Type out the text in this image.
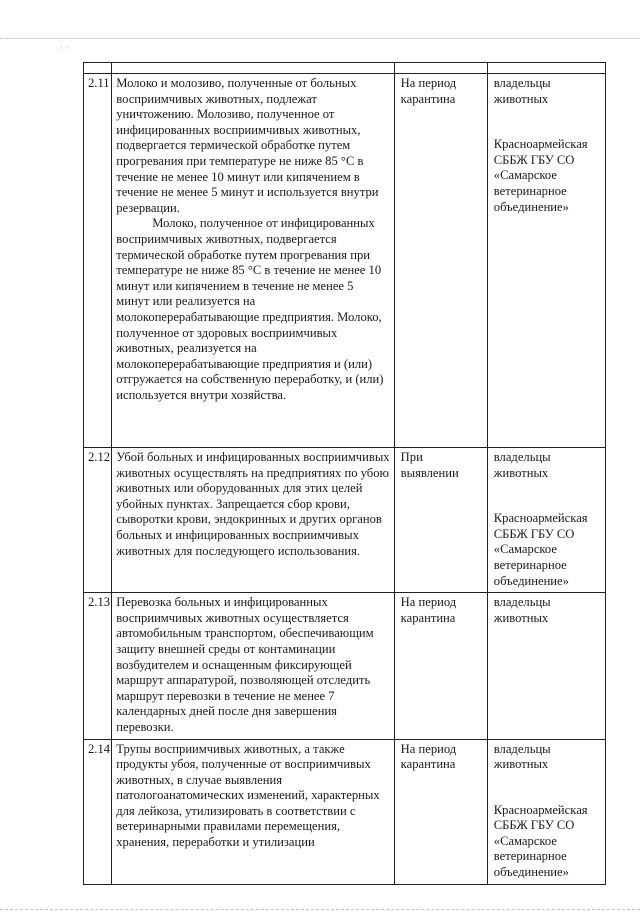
· ·

2.11	Молоко и молозиво, полученные от больных восприимчивых животных, подлежат уничтожению. Молозиво, полученное от инфицированных восприимчивых животных, подвергается термической обработке путем прогревания при температуре не ниже 85 °С в течение не менее 10 минут или кипячением в течение не менее 5 минут и используется внутри резервации.
Молоко, полученное от инфицированных восприимчивых животных, подвергается термической обработке путем прогревания при температуре не ниже 85 °С в течение не менее 10 минут или кипячением в течение не менее 5 минут или реализуется на молокоперерабатывающие предприятия. Молоко, полученное от здоровых восприимчивых животных, реализуется на молокоперерабатывающие предприятия и (или) отгружается на собственную переработку, и (или) используется внутри хозяйства.	На период карантина	владельцы животных
Красноармейская СББЖ ГБУ СО «Самарское ветеринарное объединение»

2.12	Убой больных и инфицированных восприимчивых животных осуществлять на предприятиях по убою животных или оборудованных для этих целей убойных пунктах. Запрещается сбор крови, сыворотки крови, эндокринных и других органов больных и инфицированных восприимчивых животных для последующего использования.	При выявлении	владельцы животных
Красноармейская СББЖ ГБУ СО «Самарское ветеринарное объединение»

2.13	Перевозка больных и инфицированных восприимчивых животных осуществляется автомобильным транспортом, обеспечивающим защиту внешней среды от контаминации возбудителем и оснащенным фиксирующей маршрут аппаратурой, позволяющей отследить маршрут перевозки в течение не менее 7 календарных дней после дня завершения перевозки.	На период карантина	владельцы животных

2.14	Трупы восприимчивых животных, а также продукты убоя, полученные от восприимчивых животных, в случае выявления патологоанатомических изменений, характерных для лейкоза, утилизировать в соответствии с ветеринарными правилами перемещения, хранения, переработки и утилизации	На период карантина	владельцы животных
Красноармейская СББЖ ГБУ СО «Самарское ветеринарное объединение»
